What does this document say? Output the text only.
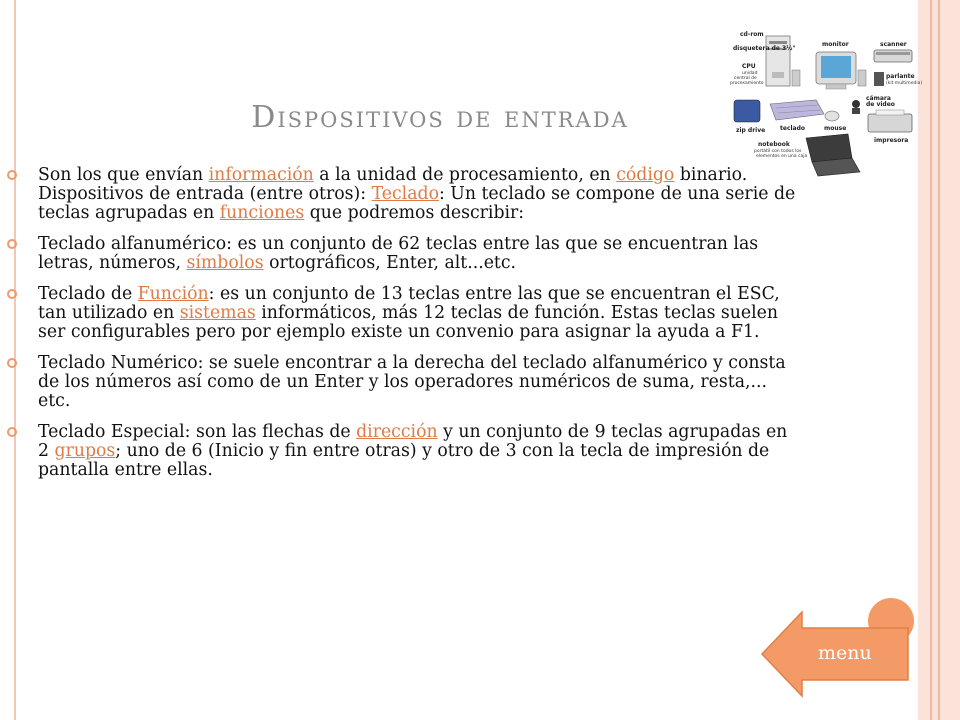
Dispositivos de entrada
Son los que envían información a la unidad de procesamiento, en código binario. Dispositivos de entrada (entre otros): Teclado: Un teclado se compone de una serie de teclas agrupadas en funciones que podremos describir:
Teclado alfanumérico: es un conjunto de 62 teclas entre las que se encuentran las letras, números, símbolos ortográficos, Enter, alt...etc.
Teclado de Función: es un conjunto de 13 teclas entre las que se encuentran el ESC, tan utilizado en sistemas informáticos, más 12 teclas de función. Estas teclas suelen ser configurables pero por ejemplo existe un convenio para asignar la ayuda a F1.
Teclado Numérico: se suele encontrar a la derecha del teclado alfanumérico y consta de los números así como de un Enter y los operadores numéricos de suma, resta,... etc.
Teclado Especial: son las flechas de dirección y un conjunto de 9 teclas agrupadas en 2 grupos; uno de 6 (Inicio y fin entre otras) y otro de 3 con la tecla de impresión de pantalla entre ellas.
cd-rom
disquetera de 3½"
CPU
unidad
central de
procesamiento
monitor	scanner
parlante
(kit multimedia)
zip drive teclado	mouse
cámara
de video
impresora
notebook
portátil con todos los
elementos en una caja
menu
